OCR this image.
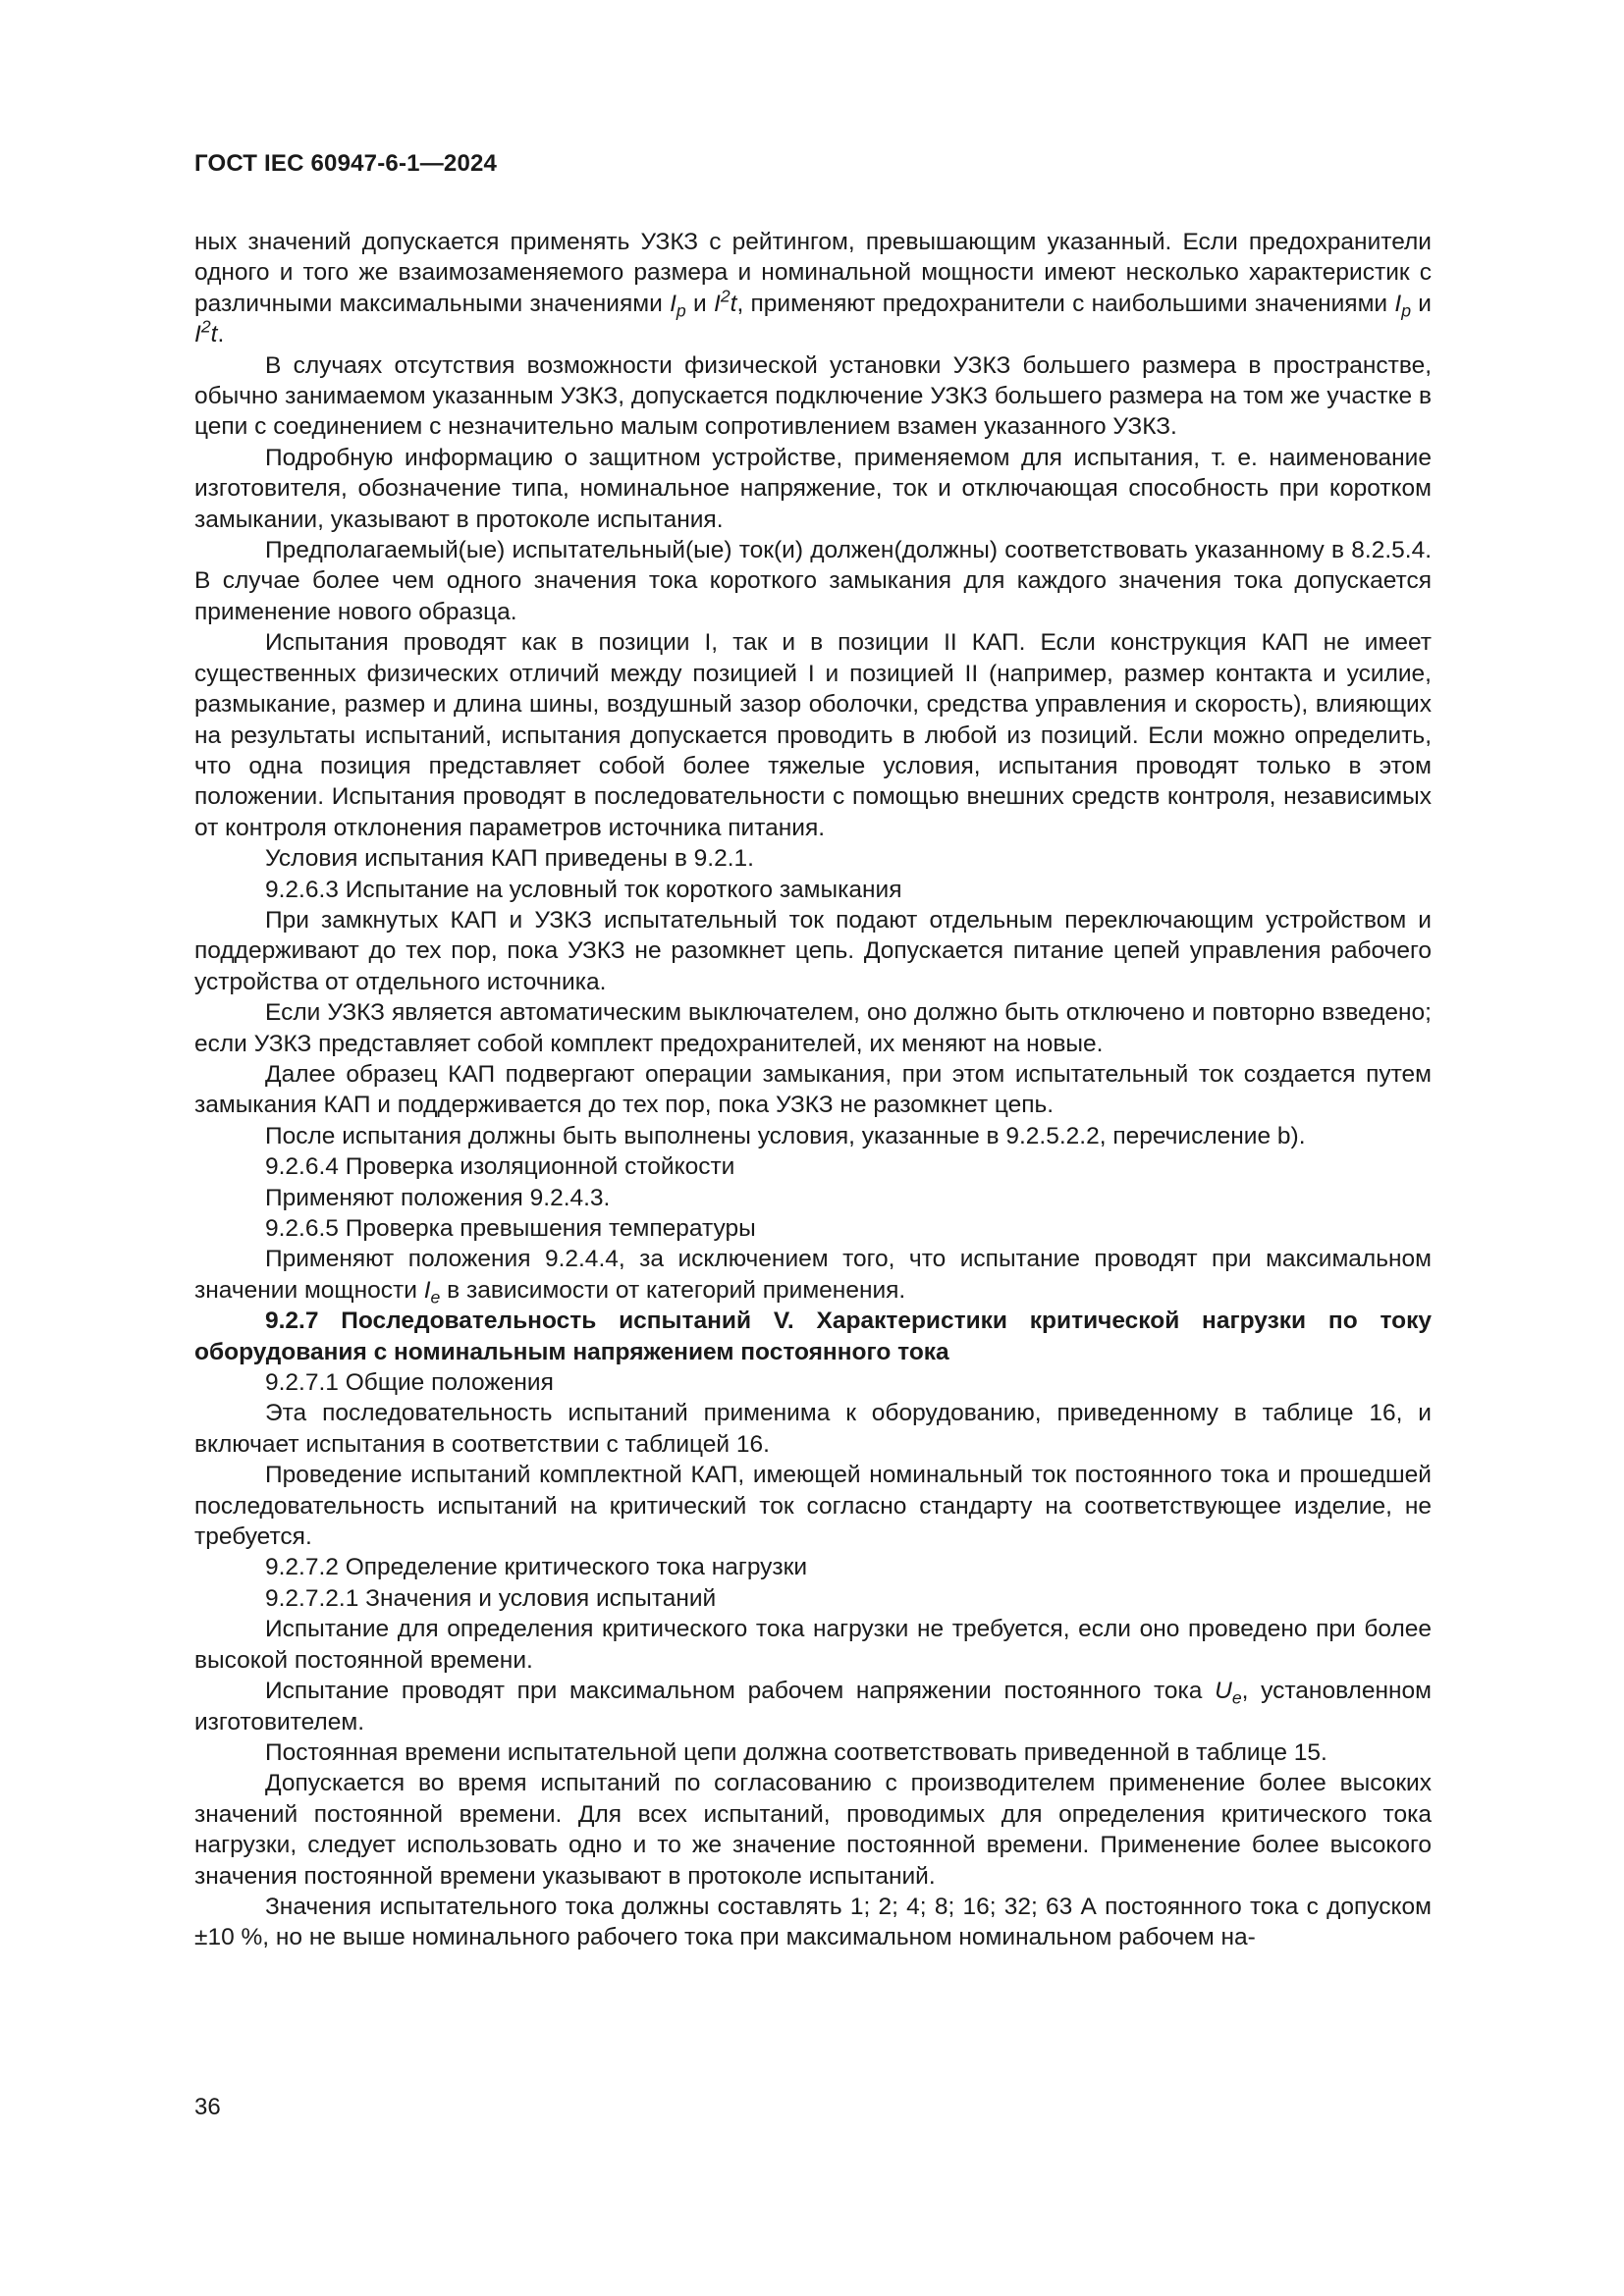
ГОСТ IEC 60947-6-1—2024

ных значений допускается применять УЗКЗ с рейтингом, превышающим указанный. Если предохранители одного и того же взаимозаменяемого размера и номинальной мощности имеют несколько характеристик с различными максимальными значениями $I_p$ и $I^2t$, применяют предохранители с наибольшими значениями $I_p$ и $I^2t$.

В случаях отсутствия возможности физической установки УЗКЗ большего размера в пространстве, обычно занимаемом указанным УЗКЗ, допускается подключение УЗКЗ большего размера на том же участке в цепи с соединением с незначительно малым сопротивлением взамен указанного УЗКЗ.

Подробную информацию о защитном устройстве, применяемом для испытания, т. е. наименование изготовителя, обозначение типа, номинальное напряжение, ток и отключающая способность при коротком замыкании, указывают в протоколе испытания.

Предполагаемый(ые) испытательный(ые) ток(и) должен(должны) соответствовать указанному в 8.2.5.4. В случае более чем одного значения тока короткого замыкания для каждого значения тока допускается применение нового образца.

Испытания проводят как в позиции I, так и в позиции II КАП. Если конструкция КАП не имеет существенных физических отличий между позицией I и позицией II (например, размер контакта и усилие, размыкание, размер и длина шины, воздушный зазор оболочки, средства управления и скорость), влияющих на результаты испытаний, испытания допускается проводить в любой из позиций. Если можно определить, что одна позиция представляет собой более тяжелые условия, испытания проводят только в этом положении. Испытания проводят в последовательности с помощью внешних средств контроля, независимых от контроля отклонения параметров источника питания.

Условия испытания КАП приведены в 9.2.1.

9.2.6.3 Испытание на условный ток короткого замыкания

При замкнутых КАП и УЗКЗ испытательный ток подают отдельным переключающим устройством и поддерживают до тех пор, пока УЗКЗ не разомкнет цепь. Допускается питание цепей управления рабочего устройства от отдельного источника.

Если УЗКЗ является автоматическим выключателем, оно должно быть отключено и повторно взведено; если УЗКЗ представляет собой комплект предохранителей, их меняют на новые.

Далее образец КАП подвергают операции замыкания, при этом испытательный ток создается путем замыкания КАП и поддерживается до тех пор, пока УЗКЗ не разомкнет цепь.

После испытания должны быть выполнены условия, указанные в 9.2.5.2.2, перечисление b).

9.2.6.4 Проверка изоляционной стойкости

Применяют положения 9.2.4.3.

9.2.6.5 Проверка превышения температуры

Применяют положения 9.2.4.4, за исключением того, что испытание проводят при максимальном значении мощности $I_e$ в зависимости от категорий применения.

9.2.7 Последовательность испытаний V. Характеристики критической нагрузки по току оборудования с номинальным напряжением постоянного тока

9.2.7.1 Общие положения

Эта последовательность испытаний применима к оборудованию, приведенному в таблице 16, и включает испытания в соответствии с таблицей 16.

Проведение испытаний комплектной КАП, имеющей номинальный ток постоянного тока и прошедшей последовательность испытаний на критический ток согласно стандарту на соответствующее изделие, не требуется.

9.2.7.2 Определение критического тока нагрузки

9.2.7.2.1 Значения и условия испытаний

Испытание для определения критического тока нагрузки не требуется, если оно проведено при более высокой постоянной времени.

Испытание проводят при максимальном рабочем напряжении постоянного тока $U_e$, установленном изготовителем.

Постоянная времени испытательной цепи должна соответствовать приведенной в таблице 15.

Допускается во время испытаний по согласованию с производителем применение более высоких значений постоянной времени. Для всех испытаний, проводимых для определения критического тока нагрузки, следует использовать одно и то же значение постоянной времени. Применение более высокого значения постоянной времени указывают в протоколе испытаний.

Значения испытательного тока должны составлять 1; 2; 4; 8; 16; 32; 63 А постоянного тока с допуском ±10 %, но не выше номинального рабочего тока при максимальном номинальном рабочем на-

36
